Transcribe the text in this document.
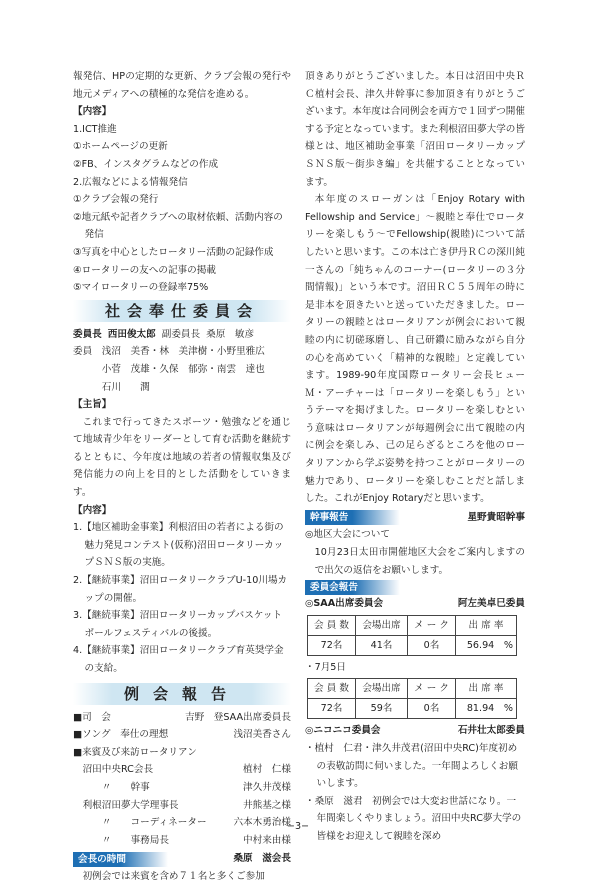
報発信、HPの定期的な更新、クラブ会報の発行や地元メディアへの積極的な発信を進める。

【内容】
1.ICT推進
①ホームページの更新
②FB、インスタグラムなどの作成
2.広報などによる情報発信
①クラブ会報の発行
②地元紙や記者クラブへの取材依頼、活動内容の発信
③写真を中心としたロータリー活動の記録作成
④ロータリーの友への記事の掲載
⑤マイロータリーの登録率75%
社会奉仕委員会
委員長 西田俊太郎 副委員長 桑原　敏彦
委員　浅沼　美香・林　美津樹・小野里雅広
　　　小菅　茂雄・久保　郁弥・南雲　達也
　　　石川　　潤
【主旨】

これまで行ってきたスポーツ・勉強などを通じて地域青少年をリーダーとして育む活動を継続するとともに、今年度は地域の若者の情報収集及び発信能力の向上を目的とした活動をしていきます。

【内容】
1.【地区補助金事業】利根沼田の若者による街の魅力発見コンテスト(仮称)沼田ロータリーカップＳＮＳ版の実施。
2.【継続事業】沼田ロータリークラブU-10川場カップの開催。
3.【継続事業】沼田ロータリーカップバスケットボールフェスティバルの後援。
4.【継続事業】沼田ロータリークラブ育英奨学金の支給。
例会報告
■司　会	吉野　登SAA出席委員長
■ソング　奉仕の理想	浅沼美香さん
■来賓及び来訪ロータリアン
　沼田中央RC会長	植村　仁様
　　　〃　　幹事	津久井茂様
　利根沼田夢大学理事長	井熊基之様
　　　〃　　コーディネーター	六本木勇治様
　　　〃　　事務局長	中村来由様
会長の時間	桑原　滋会長

初例会では来賓を含め７１名と多くご参加

頂きありがとうございました。本日は沼田中央ＲＣ植村会長、津久井幹事に参加頂き有りがとうございます。本年度は合同例会を両方で１回ずつ開催する予定となっています。また利根沼田夢大学の皆様とは、地区補助金事業「沼田ロータリーカップＳＮＳ版～街歩き編」を共催することとなっています。

本年度のスローガンは「Enjoy Rotary with Fellowship and Service」～親睦と奉仕でロータリーを楽しもう～でFellowship(親睦)について話したいと思います。この本は亡き伊丹ＲＣの深川純一さんの「純ちゃんのコーナー(ロータリーの３分間情報)」という本です。沼田ＲＣ５５周年の時に是非本を頂きたいと送っていただきました。ロータリーの親睦とはロータリアンが例会において親睦の内に切磋琢磨し、自己研鑽に励みながら自分の心を高めていく「精神的な親睦」と定義しています。1989-90年度国際ロータリー会長ヒューＭ・アーチャーは「ロータリーを楽しもう」というテーマを掲げました。ロータリーを楽しむという意味はロータリアンが毎週例会に出て親睦の内に例会を楽しみ、己の足らざるところを他のロータリアンから学ぶ姿勢を持つことがロータリーの魅力であり、ロータリーを楽しむことだと話しました。これがEnjoy Rotaryだと思います。

幹事報告	星野貴昭幹事
◎地区大会について

10月23日太田市開催地区大会をご案内しますので出欠の返信をお願いします。

委員会報告
◎SAA出席委員会	阿左美卓巳委員
会 員 数	会場出席	メ ー ク	出 席 率
72名	41名	0名	56.94　%
・7月5日
会 員 数	会場出席	メ ー ク	出 席 率
72名	59名	0名	81.94　%
◎ニコニコ委員会	石井壮太郎委員
・植村　仁君・津久井茂君(沼田中央RC)年度初めの表敬訪問に伺いました。一年間よろしくお願いします。
・桑原　滋君　初例会では大変お世話になり。一年間楽しくやりましょう。沼田中央RC夢大学の皆様をお迎えして親睦を深め
−3−
